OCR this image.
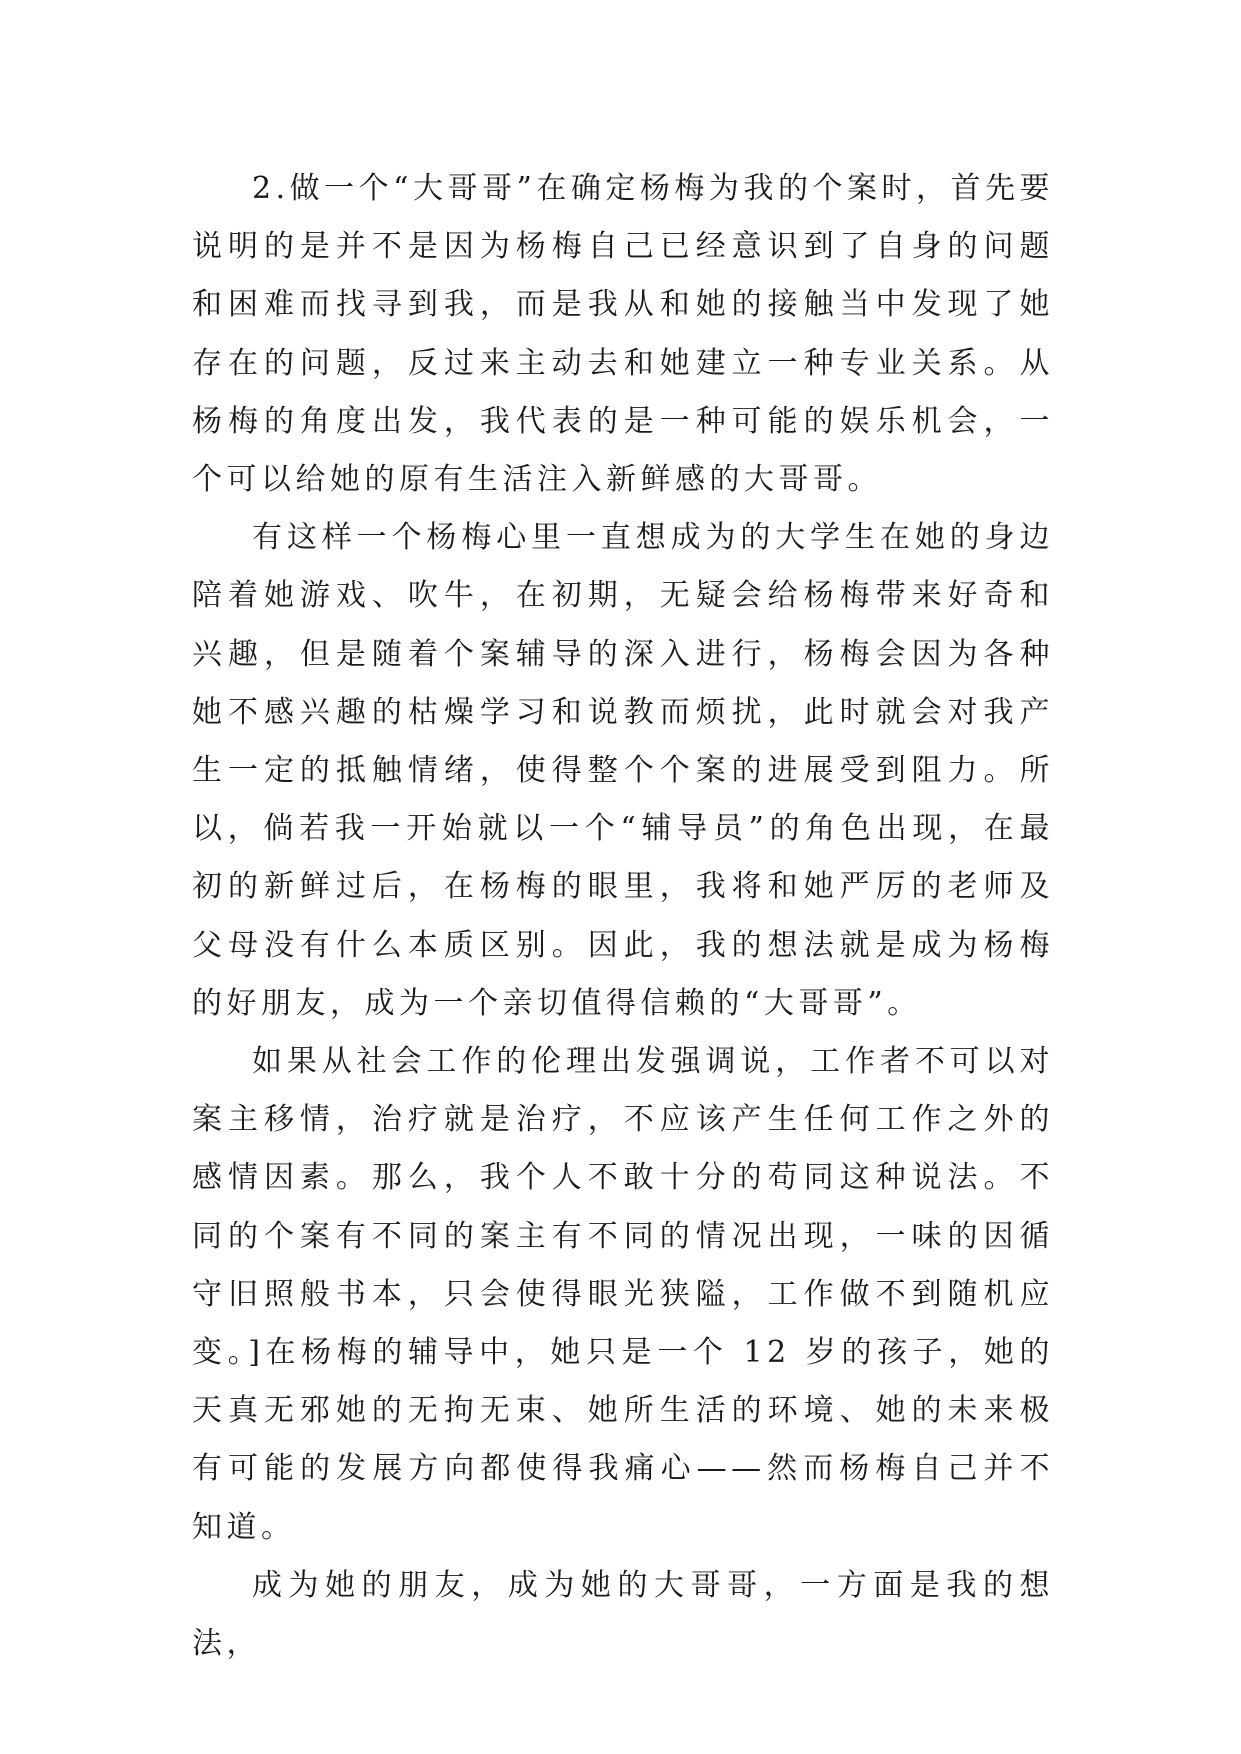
2.做一个“大哥哥”在确定杨梅为我的个案时，首先要说明的是并不是因为杨梅自己已经意识到了自身的问题和困难而找寻到我，而是我从和她的接触当中发现了她存在的问题，反过来主动去和她建立一种专业关系。从杨梅的角度出发，我代表的是一种可能的娱乐机会，一个可以给她的原有生活注入新鲜感的大哥哥。

有这样一个杨梅心里一直想成为的大学生在她的身边陪着她游戏、吹牛，在初期，无疑会给杨梅带来好奇和兴趣，但是随着个案辅导的深入进行，杨梅会因为各种她不感兴趣的枯燥学习和说教而烦扰，此时就会对我产生一定的抵触情绪，使得整个个案的进展受到阻力。所以，倘若我一开始就以一个“辅导员”的角色出现，在最初的新鲜过后，在杨梅的眼里，我将和她严厉的老师及父母没有什么本质区别。因此，我的想法就是成为杨梅的好朋友，成为一个亲切值得信赖的“大哥哥”。

如果从社会工作的伦理出发强调说，工作者不可以对案主移情，治疗就是治疗，不应该产生任何工作之外的感情因素。那么，我个人不敢十分的苟同这种说法。不同的个案有不同的案主有不同的情况出现，一味的因循守旧照般书本，只会使得眼光狭隘，工作做不到随机应变。]在杨梅的辅导中，她只是一个 12 岁的孩子，她的天真无邪她的无拘无束、她所生活的环境、她的未来极有可能的发展方向都使得我痛心——然而杨梅自己并不知道。

成为她的朋友，成为她的大哥哥，一方面是我的想法，
